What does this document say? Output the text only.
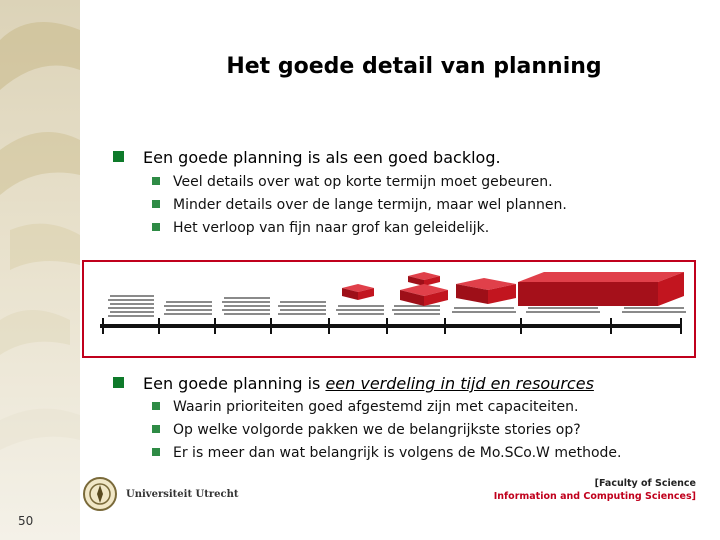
Het goede detail van planning
Een goede planning is als een goed backlog.
Veel details over wat op korte termijn moet gebeuren.
Minder details over de lange termijn, maar wel plannen.
Het verloop van fijn naar grof kan geleidelijk.
Een goede planning is een verdeling in tijd en resources
Waarin prioriteiten goed afgestemd zijn met capaciteiten.
Op welke volgorde pakken we de belangrijkste stories op?
Er is meer dan wat belangrijk is volgens de Mo.SCo.W methode.
Universiteit Utrecht
[Faculty of Science
Information and Computing Sciences]
50
